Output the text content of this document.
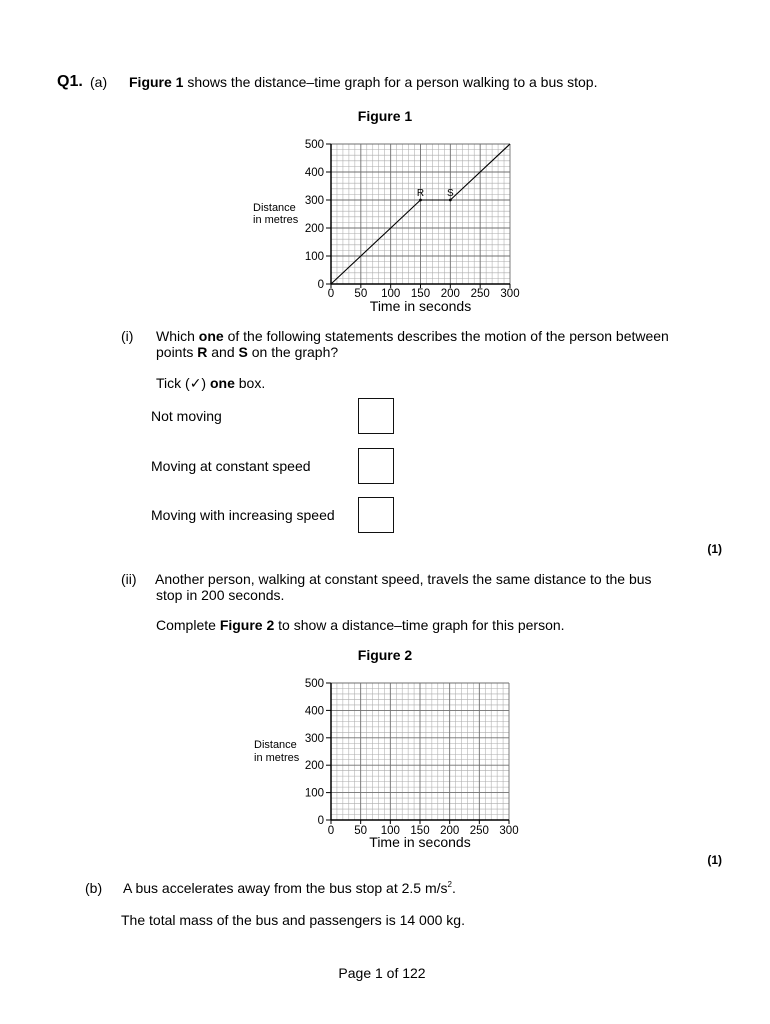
Q1. (a) Figure 1 shows the distance–time graph for a person walking to a bus stop.
Figure 1
0
100
200
300
400
500
0 50 100 150 200 250 300
Time in seconds
Distance
in metres
R S
(i) Which one of the following statements describes the motion of the person between
points R and S on the graph?
Tick (✓) one box.
Not moving
Moving at constant speed
Moving with increasing speed
(1)
(ii) Another person, walking at constant speed, travels the same distance to the bus
stop in 200 seconds.
Complete Figure 2 to show a distance–time graph for this person.
Figure 2
0
100
200
300
400
500
0 50 100 150 200 250 300
Time in seconds
Distance
in metres
(1)
(b) A bus accelerates away from the bus stop at 2.5 $m/s^2$.
The total mass of the bus and passengers is 14 000 kg.
Page 1 of 122
